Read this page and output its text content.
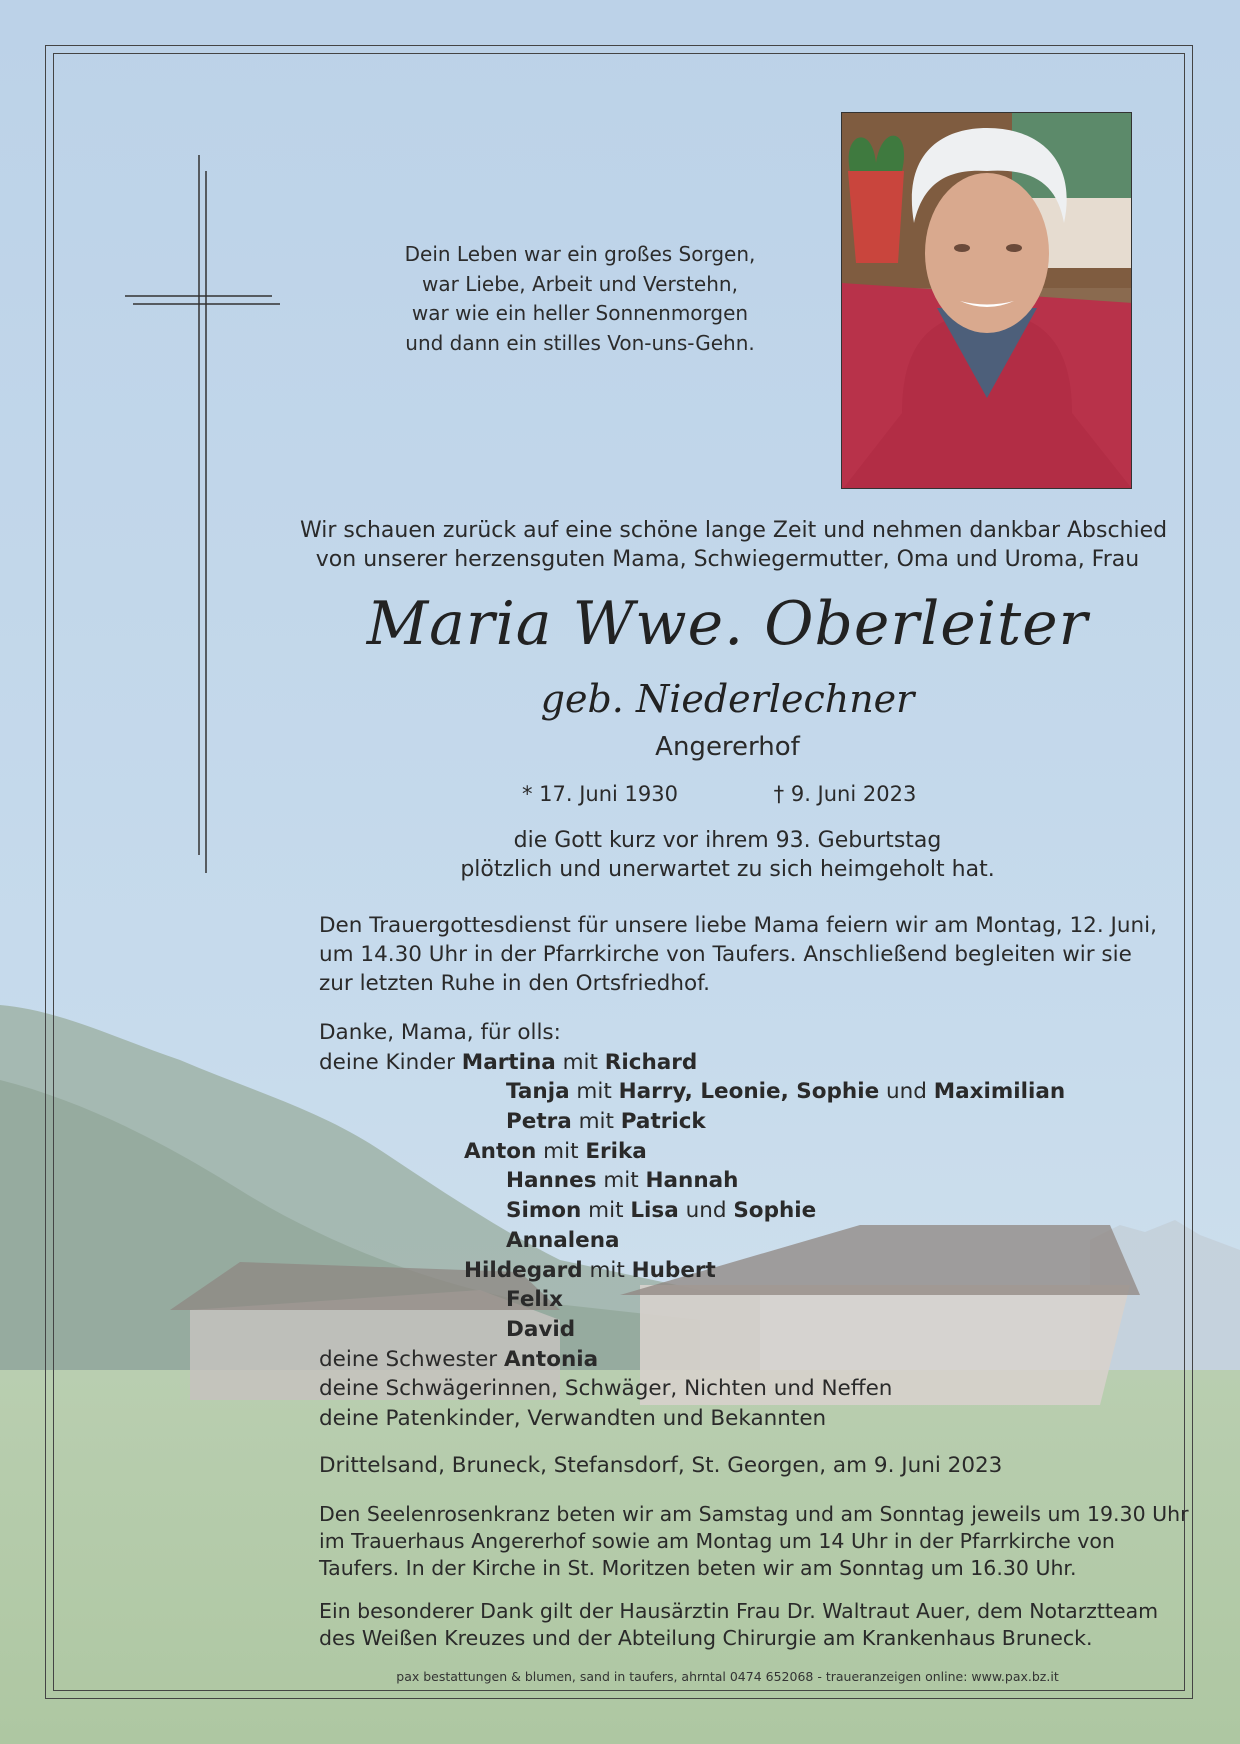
Dein Leben war ein großes Sorgen,
war Liebe, Arbeit und Verstehn,
war wie ein heller Sonnenmorgen
und dann ein stilles Von-uns-Gehn.
Wir schauen zurück auf eine schöne lange Zeit und nehmen dankbar Abschied
von unserer herzensguten Mama, Schwiegermutter, Oma und Uroma, Frau
Maria Wwe. Oberleiter
geb. Niederlechner
Angererhof
* 17. Juni 1930	† 9. Juni 2023
die Gott kurz vor ihrem 93. Geburtstag
plötzlich und unerwartet zu sich heimgeholt hat.
Den Trauergottesdienst für unsere liebe Mama feiern wir am Montag, 12. Juni,
um 14.30 Uhr in der Pfarrkirche von Taufers. Anschließend begleiten wir sie
zur letzten Ruhe in den Ortsfriedhof.
Danke, Mama, für olls:
deine Kinder Martina mit Richard
Tanja mit Harry, Leonie, Sophie und Maximilian
Petra mit Patrick
Anton mit Erika
Hannes mit Hannah
Simon mit Lisa und Sophie
Annalena
Hildegard mit Hubert
Felix
David
deine Schwester Antonia
deine Schwägerinnen, Schwäger, Nichten und Neffen
deine Patenkinder, Verwandten und Bekannten
Drittelsand, Bruneck, Stefansdorf, St. Georgen, am 9. Juni 2023
Den Seelenrosenkranz beten wir am Samstag und am Sonntag jeweils um 19.30 Uhr
im Trauerhaus Angererhof sowie am Montag um 14 Uhr in der Pfarrkirche von
Taufers. In der Kirche in St. Moritzen beten wir am Sonntag um 16.30 Uhr.
Ein besonderer Dank gilt der Hausärztin Frau Dr. Waltraut Auer, dem Notarztteam
des Weißen Kreuzes und der Abteilung Chirurgie am Krankenhaus Bruneck.
pax bestattungen & blumen, sand in taufers, ahrntal 0474 652068 - traueranzeigen online: www.pax.bz.it
